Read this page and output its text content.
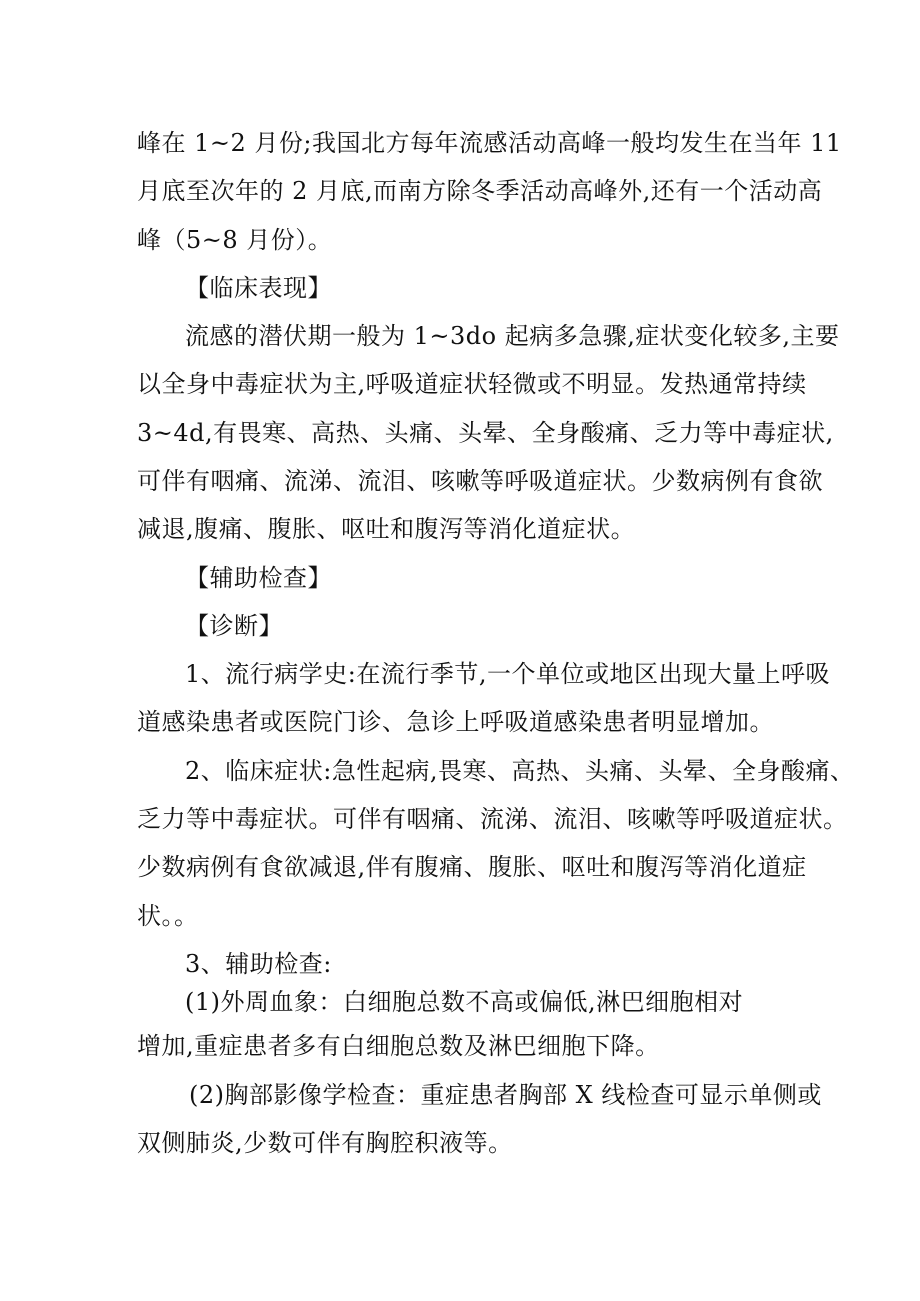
峰在 1~2 月份;我国北方每年流感活动高峰一般均发生在当年 11
月底至次年的 2 月底,而南方除冬季活动高峰外,还有一个活动高
峰（5~8 月份）。
【临床表现】
流感的潜伏期一般为 1~3do 起病多急骤,症状变化较多,主要
以全身中毒症状为主,呼吸道症状轻微或不明显。发热通常持续
3~4d,有畏寒、高热、头痛、头晕、全身酸痛、乏力等中毒症状,
可伴有咽痛、流涕、流泪、咳嗽等呼吸道症状。少数病例有食欲
减退,腹痛、腹胀、呕吐和腹泻等消化道症状。
【辅助检查】
【诊断】
1、流行病学史:在流行季节,一个单位或地区出现大量上呼吸
道感染患者或医院门诊、急诊上呼吸道感染患者明显增加。
2、临床症状:急性起病,畏寒、高热、头痛、头晕、全身酸痛、
乏力等中毒症状。可伴有咽痛、流涕、流泪、咳嗽等呼吸道症状。
少数病例有食欲减退,伴有腹痛、腹胀、呕吐和腹泻等消化道症
状。。
3、辅助检查:
(1)外周血象：白细胞总数不高或偏低,淋巴细胞相对
增加,重症患者多有白细胞总数及淋巴细胞下降。
(2)胸部影像学检查：重症患者胸部 X 线检查可显示单侧或
双侧肺炎,少数可伴有胸腔积液等。
